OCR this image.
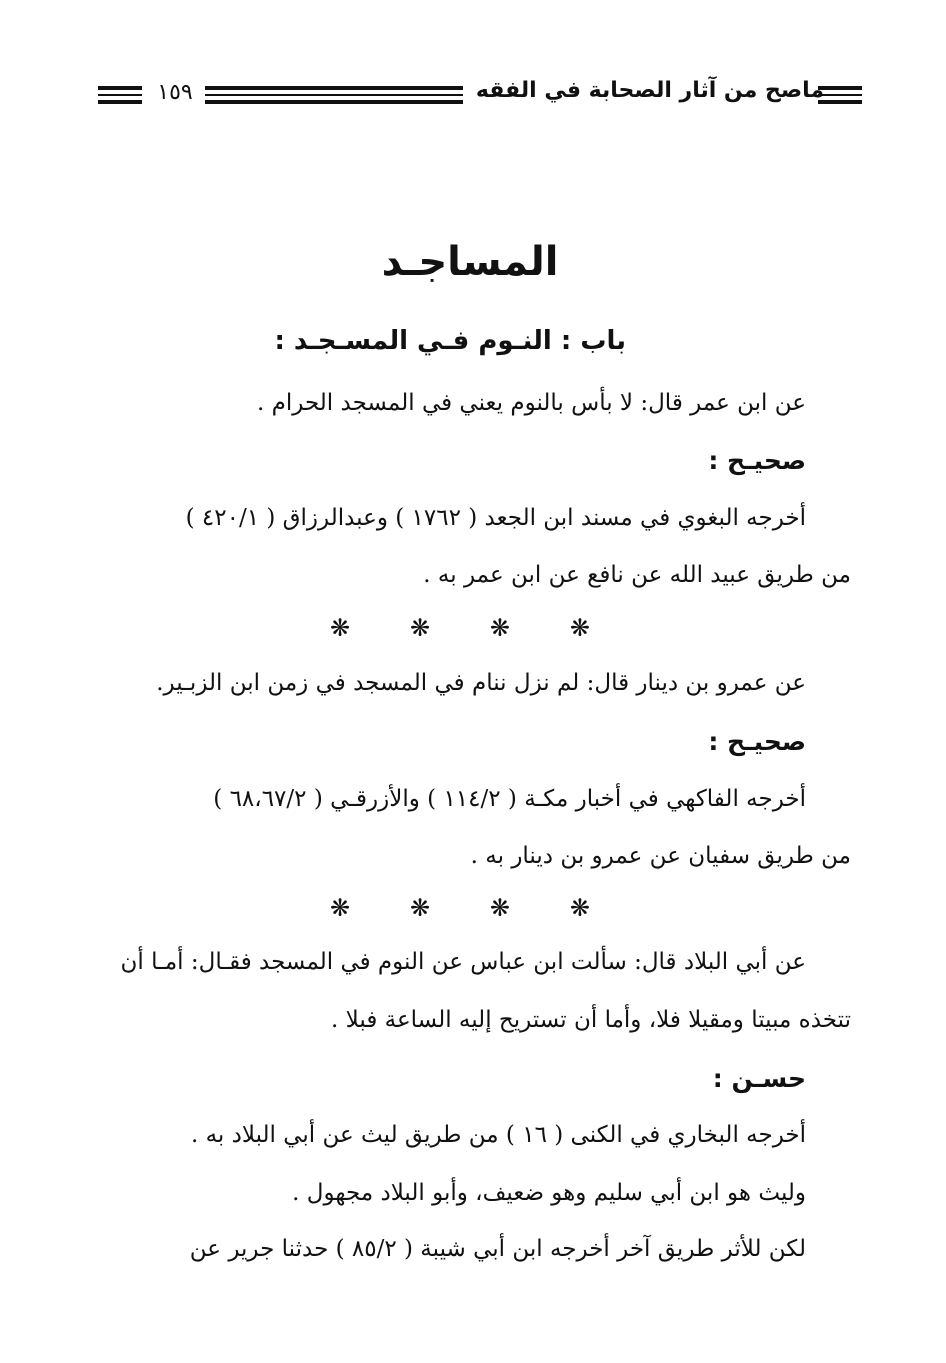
ماصح من آثار الصحابة في الفقه
١٥٩
المساجـد
باب : النـوم فـي المسـجـد :
عن ابن عمر قال: لا بأس بالنوم يعني في المسجد الحرام .
صحيـح :
أخرجه البغوي في مسند ابن الجعد ( ١٧٦٢ ) وعبدالرزاق ( ٤٢٠/١ )
من طريق عبيد الله عن نافع عن ابن عمر به .
❋ ❋ ❋ ❋
عن عمرو بن دينار قال: لم نزل ننام في المسجد في زمن ابن الزبـير.
صحيـح :
أخرجه الفاكهي في أخبار مكـة ( ١١٤/٢ ) والأزرقـي ( ٦٨،٦٧/٢ )
من طريق سفيان عن عمرو بن دينار به .
❋ ❋ ❋ ❋
عن أبي البلاد قال: سألت ابن عباس عن النوم في المسجد فقـال: أمـا أن
تتخذه مبيتا ومقيلا فلا، وأما أن تستريح إليه الساعة فبلا .
حسـن :
أخرجه البخاري في الكنى ( ١٦ ) من طريق ليث عن أبي البلاد به .
وليث هو ابن أبي سليم وهو ضعيف، وأبو البلاد مجهول .
لكن للأثر طريق آخر أخرجه ابن أبي شيبة ( ٨٥/٢ ) حدثنا جرير عن
